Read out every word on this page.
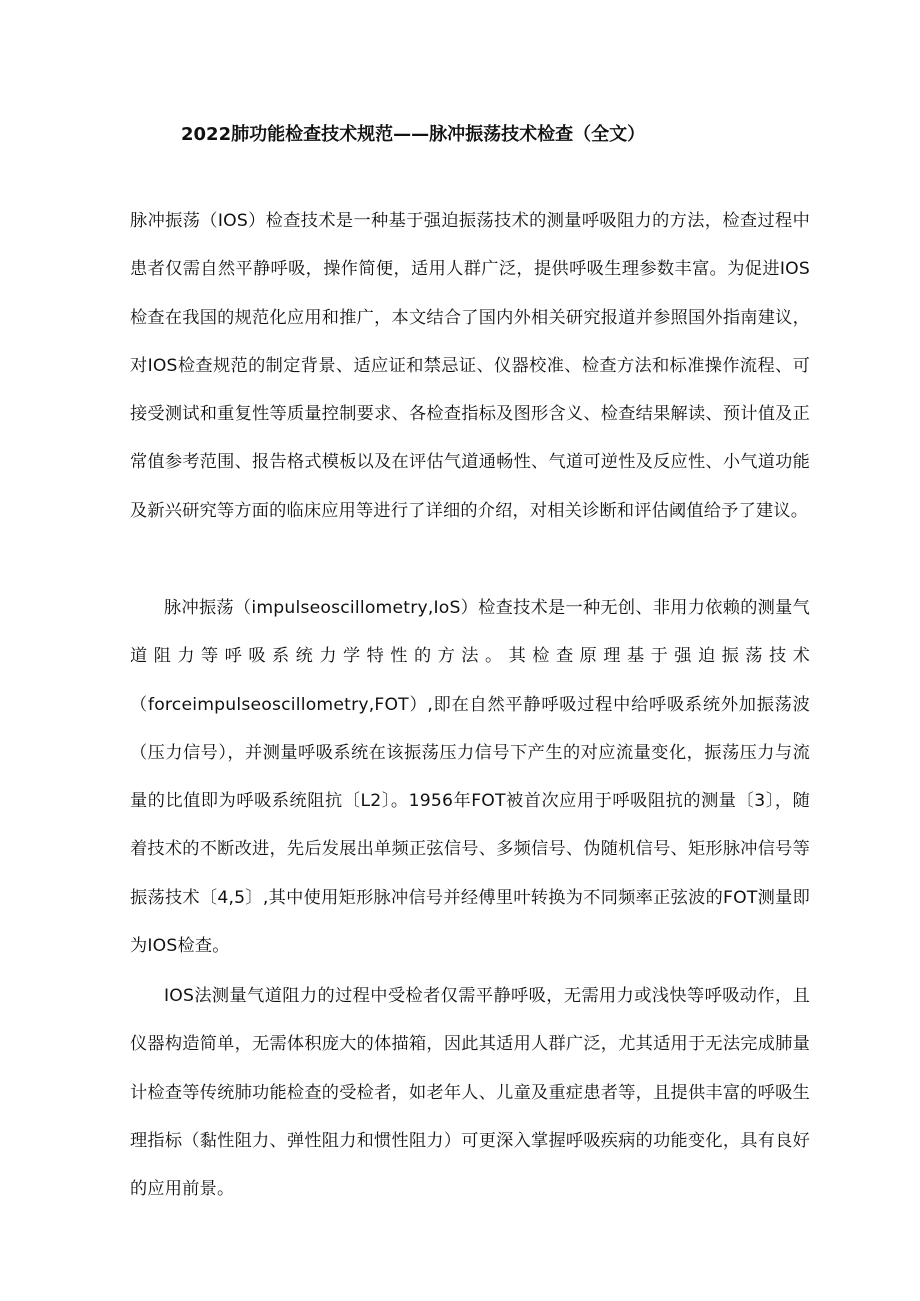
2022肺功能检查技术规范——脉冲振荡技术检查（全文）

脉冲振荡（IOS）检查技术是一种基于强迫振荡技术的测量呼吸阻力的方法，检查过程中患者仅需自然平静呼吸，操作简便，适用人群广泛，提供呼吸生理参数丰富。为促进IOS检查在我国的规范化应用和推广，本文结合了国内外相关研究报道并参照国外指南建议，对IOS检查规范的制定背景、适应证和禁忌证、仪器校准、检查方法和标准操作流程、可接受测试和重复性等质量控制要求、各检查指标及图形含义、检查结果解读、预计值及正常值参考范围、报告格式模板以及在评估气道通畅性、气道可逆性及反应性、小气道功能及新兴研究等方面的临床应用等进行了详细的介绍，对相关诊断和评估阈值给予了建议。

脉冲振荡（impulseoscillometry,IoS）检查技术是一种无创、非用力依赖的测量气道阻力等呼吸系统力学特性的方法。其检查原理基于强迫振荡技术（forceimpulseoscillometry,FOT）,即在自然平静呼吸过程中给呼吸系统外加振荡波（压力信号），并测量呼吸系统在该振荡压力信号下产生的对应流量变化，振荡压力与流量的比值即为呼吸系统阻抗〔L2〕。1956年FOT被首次应用于呼吸阻抗的测量〔3〕，随着技术的不断改进，先后发展出单频正弦信号、多频信号、伪随机信号、矩形脉冲信号等振荡技术〔4,5〕,其中使用矩形脉冲信号并经傅里叶转换为不同频率正弦波的FOT测量即为IOS检查。

IOS法测量气道阻力的过程中受检者仅需平静呼吸，无需用力或浅快等呼吸动作，且仪器构造简单，无需体积庞大的体描箱，因此其适用人群广泛，尤其适用于无法完成肺量计检查等传统肺功能检查的受检者，如老年人、儿童及重症患者等，且提供丰富的呼吸生理指标（黏性阻力、弹性阻力和惯性阻力）可更深入掌握呼吸疾病的功能变化，具有良好的应用前景。
